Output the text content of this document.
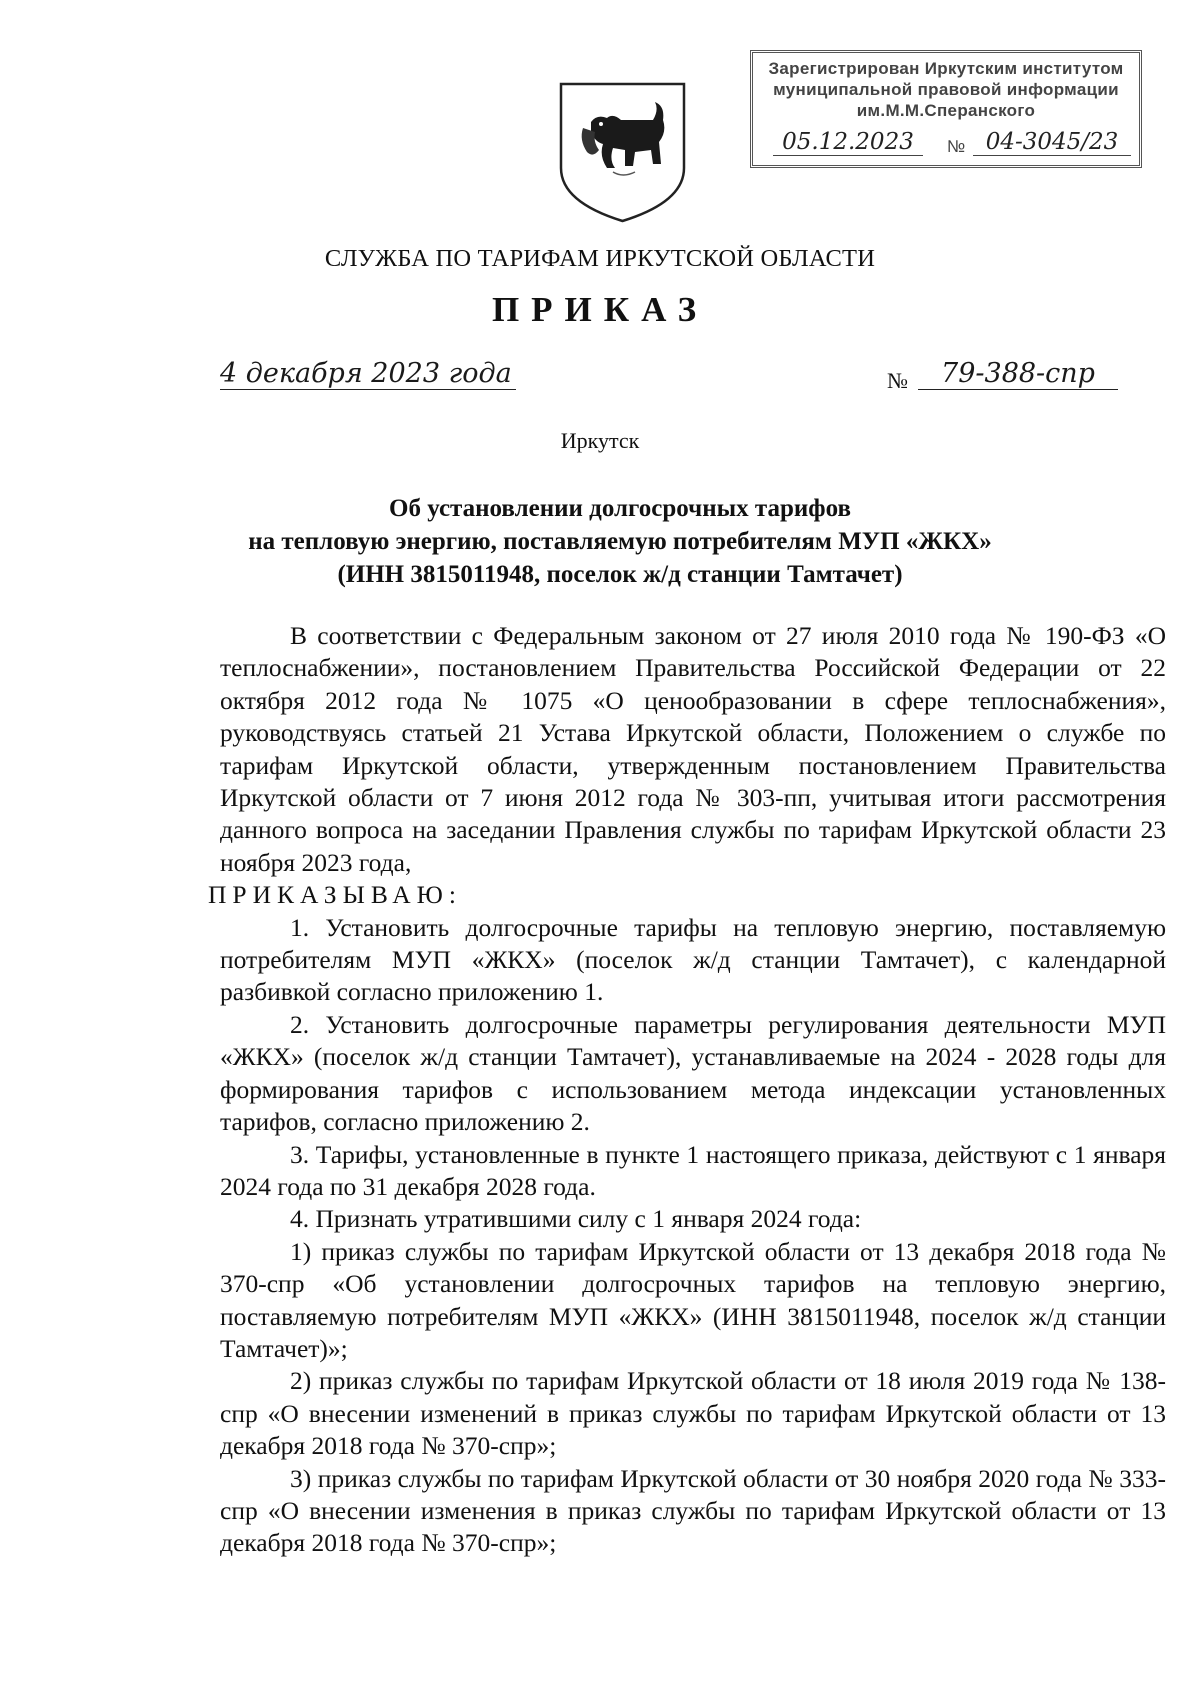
Зарегистрирован Иркутским институтом
муниципальной правовой информации
им.М.М.Сперанского
05.12.2023	№ 04-3045/23
СЛУЖБА ПО ТАРИФАМ ИРКУТСКОЙ ОБЛАСТИ
ПРИКАЗ
4 декабря 2023 года	№	79-388-спр
Иркутск
Об установлении долгосрочных тарифов
на тепловую энергию, поставляемую потребителям МУП «ЖКХ»
(ИНН 3815011948, поселок ж/д станции Тамтачет)

В соответствии с Федеральным законом от 27 июля 2010 года № 190-ФЗ «О теплоснабжении», постановлением Правительства Российской Федерации от 22 октября 2012 года № 1075 «О ценообразовании в сфере теплоснабжения», руководствуясь статьей 21 Устава Иркутской области, Положением о службе по тарифам Иркутской области, утвержденным постановлением Правительства Иркутской области от 7 июня 2012 года № 303-пп, учитывая итоги рассмотрения данного вопроса на заседании Правления службы по тарифам Иркутской области 23 ноября 2023 года,

ПРИКАЗЫВАЮ:

1. Установить долгосрочные тарифы на тепловую энергию, поставляемую потребителям МУП «ЖКХ» (поселок ж/д станции Тамтачет), с календарной разбивкой согласно приложению 1.

2. Установить долгосрочные параметры регулирования деятельности МУП «ЖКХ» (поселок ж/д станции Тамтачет), устанавливаемые на 2024 - 2028 годы для формирования тарифов с использованием метода индексации установленных тарифов, согласно приложению 2.

3. Тарифы, установленные в пункте 1 настоящего приказа, действуют с 1 января 2024 года по 31 декабря 2028 года.

4. Признать утратившими силу с 1 января 2024 года:

1) приказ службы по тарифам Иркутской области от 13 декабря 2018 года № 370-спр «Об установлении долгосрочных тарифов на тепловую энергию, поставляемую потребителям МУП «ЖКХ» (ИНН 3815011948, поселок ж/д станции Тамтачет)»;

2) приказ службы по тарифам Иркутской области от 18 июля 2019 года № 138-спр «О внесении изменений в приказ службы по тарифам Иркутской области от 13 декабря 2018 года № 370-спр»;

3) приказ службы по тарифам Иркутской области от 30 ноября 2020 года № 333-спр «О внесении изменения в приказ службы по тарифам Иркутской области от 13 декабря 2018 года № 370-спр»;
